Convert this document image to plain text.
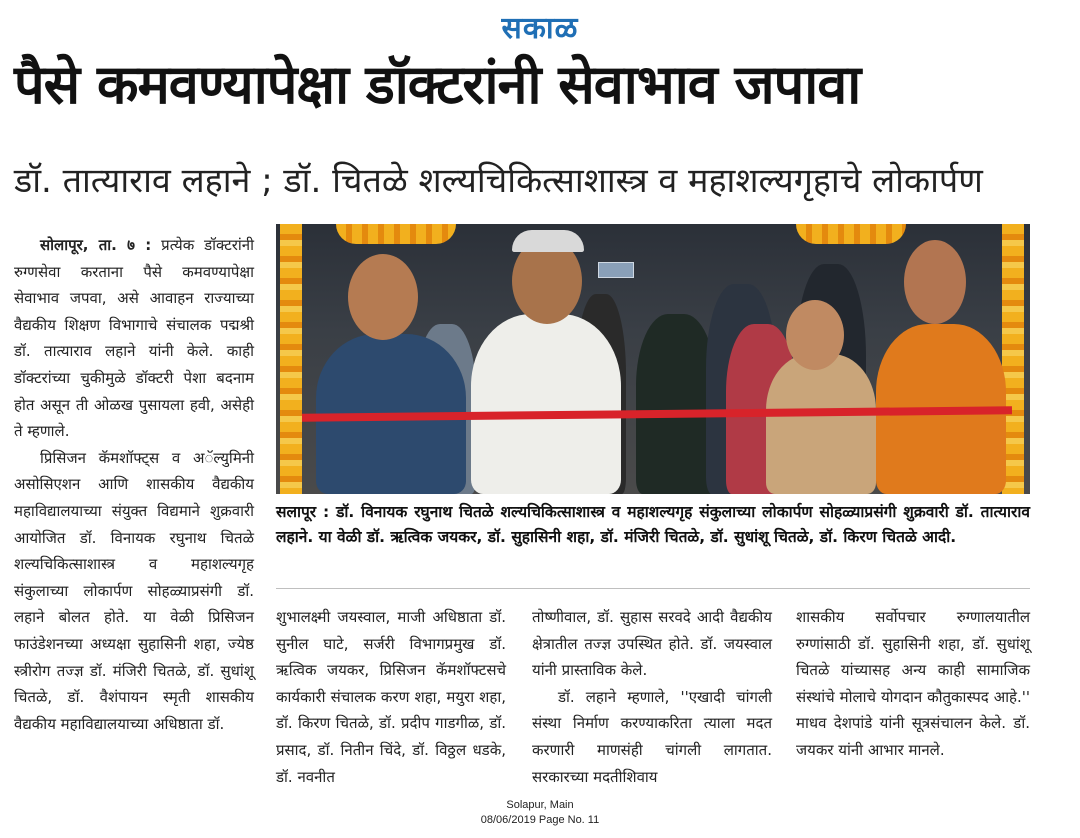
सकाळ
पैसे कमवण्यापेक्षा डॉक्टरांनी सेवाभाव जपावा
डॉ. तात्याराव लहाने ; डॉ. चितळे शल्यचिकित्साशास्त्र व महाशल्यगृहाचे लोकार्पण

सोलापूर, ता. ७ : प्रत्येक डॉक्टरांनी रुग्णसेवा करताना पैसे कमवण्यापेक्षा सेवाभाव जपवा, असे आवाहन राज्याच्या वैद्यकीय शिक्षण विभागाचे संचालक पद्मश्री डॉ. तात्याराव लहाने यांनी केले. काही डॉक्टरांच्या चुकीमुळे डॉक्टरी पेशा बदनाम होत असून ती ओळख पुसायला हवी, असेही ते म्हणाले.

प्रिसिजन कॅमशॉफ्ट्स व अॅल्युमिनी असोसिएशन आणि शासकीय वैद्यकीय महाविद्यालयाच्या संयुक्त विद्यमाने शुक्रवारी आयोजित डॉ. विनायक रघुनाथ चितळे शल्यचिकित्साशास्त्र व महाशल्यगृह संकुलाच्या लोकार्पण सोहळ्याप्रसंगी डॉ. लहाने बोलत होते. या वेळी प्रिसिजन फाउंडेशनच्या अध्यक्षा सुहासिनी शहा, ज्येष्ठ स्त्रीरोग तज्ज्ञ डॉ. मंजिरी चितळे, डॉ. सुधांशू चितळे, डॉ. वैशंपायन स्मृती शासकीय वैद्यकीय महाविद्यालयाच्या अधिष्ठाता डॉ.

सलापूर : डॉ. विनायक रघुनाथ चितळे शल्यचिकित्साशास्त्र व महाशल्यगृह संकुलाच्या लोकार्पण सोहळ्याप्रसंगी शुक्रवारी डॉ. तात्याराव लहाने. या वेळी डॉ. ऋत्विक जयकर, डॉ. सुहासिनी शहा, डॉ. मंजिरी चितळे, डॉ. सुधांशू चितळे, डॉ. किरण चितळे आदी.

शुभालक्ष्मी जयस्वाल, माजी अधिष्ठाता डॉ. सुनील घाटे, सर्जरी विभागप्रमुख डॉ. ऋत्विक जयकर, प्रिसिजन कॅमशॉफ्टसचे कार्यकारी संचालक करण शहा, मयुरा शहा, डॉ. किरण चितळे, डॉ. प्रदीप गाडगीळ, डॉ. प्रसाद, डॉ. नितीन चिंदे, डॉ. विठ्ठल धडके, डॉ. नवनीत

तोष्णीवाल, डॉ. सुहास सरवदे आदी वैद्यकीय क्षेत्रातील तज्ज्ञ उपस्थित होते. डॉ. जयस्वाल यांनी प्रास्ताविक केले.

डॉ. लहाने म्हणाले, ''एखादी चांगली संस्था निर्माण करण्याकरिता त्याला मदत करणारी माणसंही चांगली लागतात. सरकारच्या मदतीशिवाय

शासकीय सर्वोपचार रुग्णालयातील रुग्णांसाठी डॉ. सुहासिनी शहा, डॉ. सुधांशू चितळे यांच्यासह अन्य काही सामाजिक संस्थांचे मोलाचे योगदान कौतुकास्पद आहे.'' माधव देशपांडे यांनी सूत्रसंचालन केले. डॉ. जयकर यांनी आभार मानले.

Solapur, Main
08/06/2019 Page No. 11
